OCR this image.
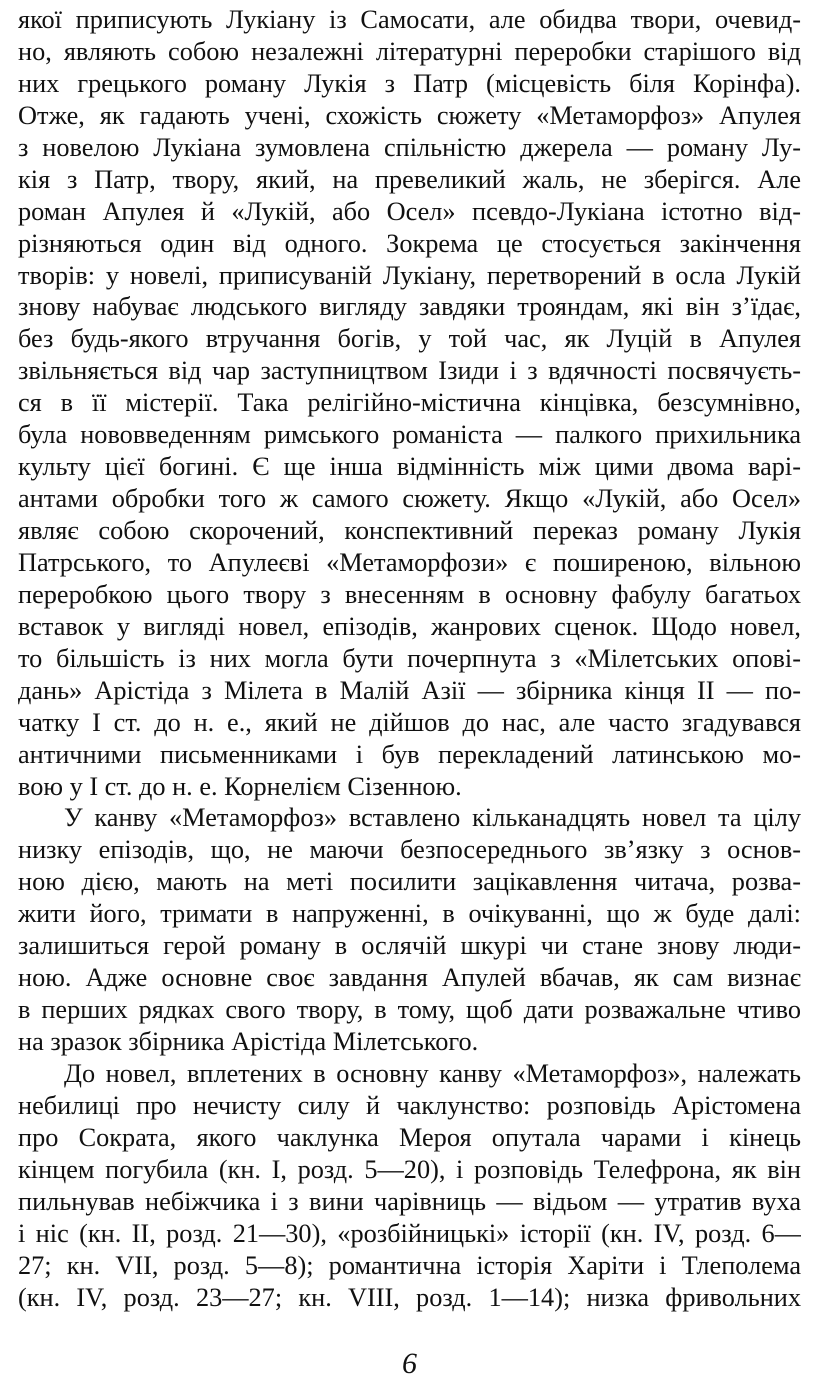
якої приписують Лукіану із Самосати, але обидва твори, очевид-
но, являють собою незалежні літературні переробки старішого від
них грецького роману Лукія з Патр (місцевість біля Корінфа).
Отже, як гадають учені, схожість сюжету «Метаморфоз» Апулея
з новелою Лукіана зумовлена спільністю джерела — роману Лу-
кія з Патр, твору, який, на превеликий жаль, не зберігся. Але
роман Апулея й «Лукій, або Осел» псевдо-Лукіана істотно від-
різняються один від одного. Зокрема це стосується закінчення
творів: у новелі, приписуваній Лукіану, перетворений в осла Лукій
знову набуває людського вигляду завдяки трояндам, які він з’їдає,
без будь-якого втручання богів, у той час, як Луцій в Апулея
звільняється від чар заступництвом Ізиди і з вдячності посвячуєть-
ся в її містерії. Така релігійно-містична кінцівка, безсумнівно,
була нововведенням римського романіста — палкого прихильника
культу цієї богині. Є ще інша відмінність між цими двома варі-
антами обробки того ж самого сюжету. Якщо «Лукій, або Осел»
являє собою скорочений, конспективний переказ роману Лукія
Патрського, то Апулеєві «Метаморфози» є поширеною, вільною
переробкою цього твору з внесенням в основну фабулу багатьох
вставок у вигляді новел, епізодів, жанрових сценок. Щодо новел,
то більшість із них могла бути почерпнута з «Мілетських опові-
дань» Арістіда з Мілета в Малій Азії — збірника кінця II — по-
чатку I ст. до н. е., який не дійшов до нас, але часто згадувався
античними письменниками і був перекладений латинською мо-
вою у I ст. до н. е. Корнелієм Сізенною.
У канву «Метаморфоз» вставлено кільканадцять новел та цілу
низку епізодів, що, не маючи безпосереднього зв’язку з основ-
ною дією, мають на меті посилити зацікавлення читача, розва-
жити його, тримати в напруженні, в очікуванні, що ж буде далі:
залишиться герой роману в ослячій шкурі чи стане знову люди-
ною. Адже основне своє завдання Апулей вбачав, як сам визнає
в перших рядках свого твору, в тому, щоб дати розважальне чтиво
на зразок збірника Арістіда Мілетського.
До новел, вплетених в основну канву «Метаморфоз», належать
небилиці про нечисту силу й чаклунство: розповідь Арістомена
про Сократа, якого чаклунка Мероя опутала чарами і кінець
кінцем погубила (кн. I, розд. 5—20), і розповідь Телефрона, як він
пильнував небіжчика і з вини чарівниць — відьом — утратив вуха
і ніс (кн. II, розд. 21—30), «розбійницькі» історії (кн. IV, розд. 6—
27; кн. VII, розд. 5—8); романтична історія Харіти і Тлеполема
(кн. IV, розд. 23—27; кн. VIII, розд. 1—14); низка фривольних
6
